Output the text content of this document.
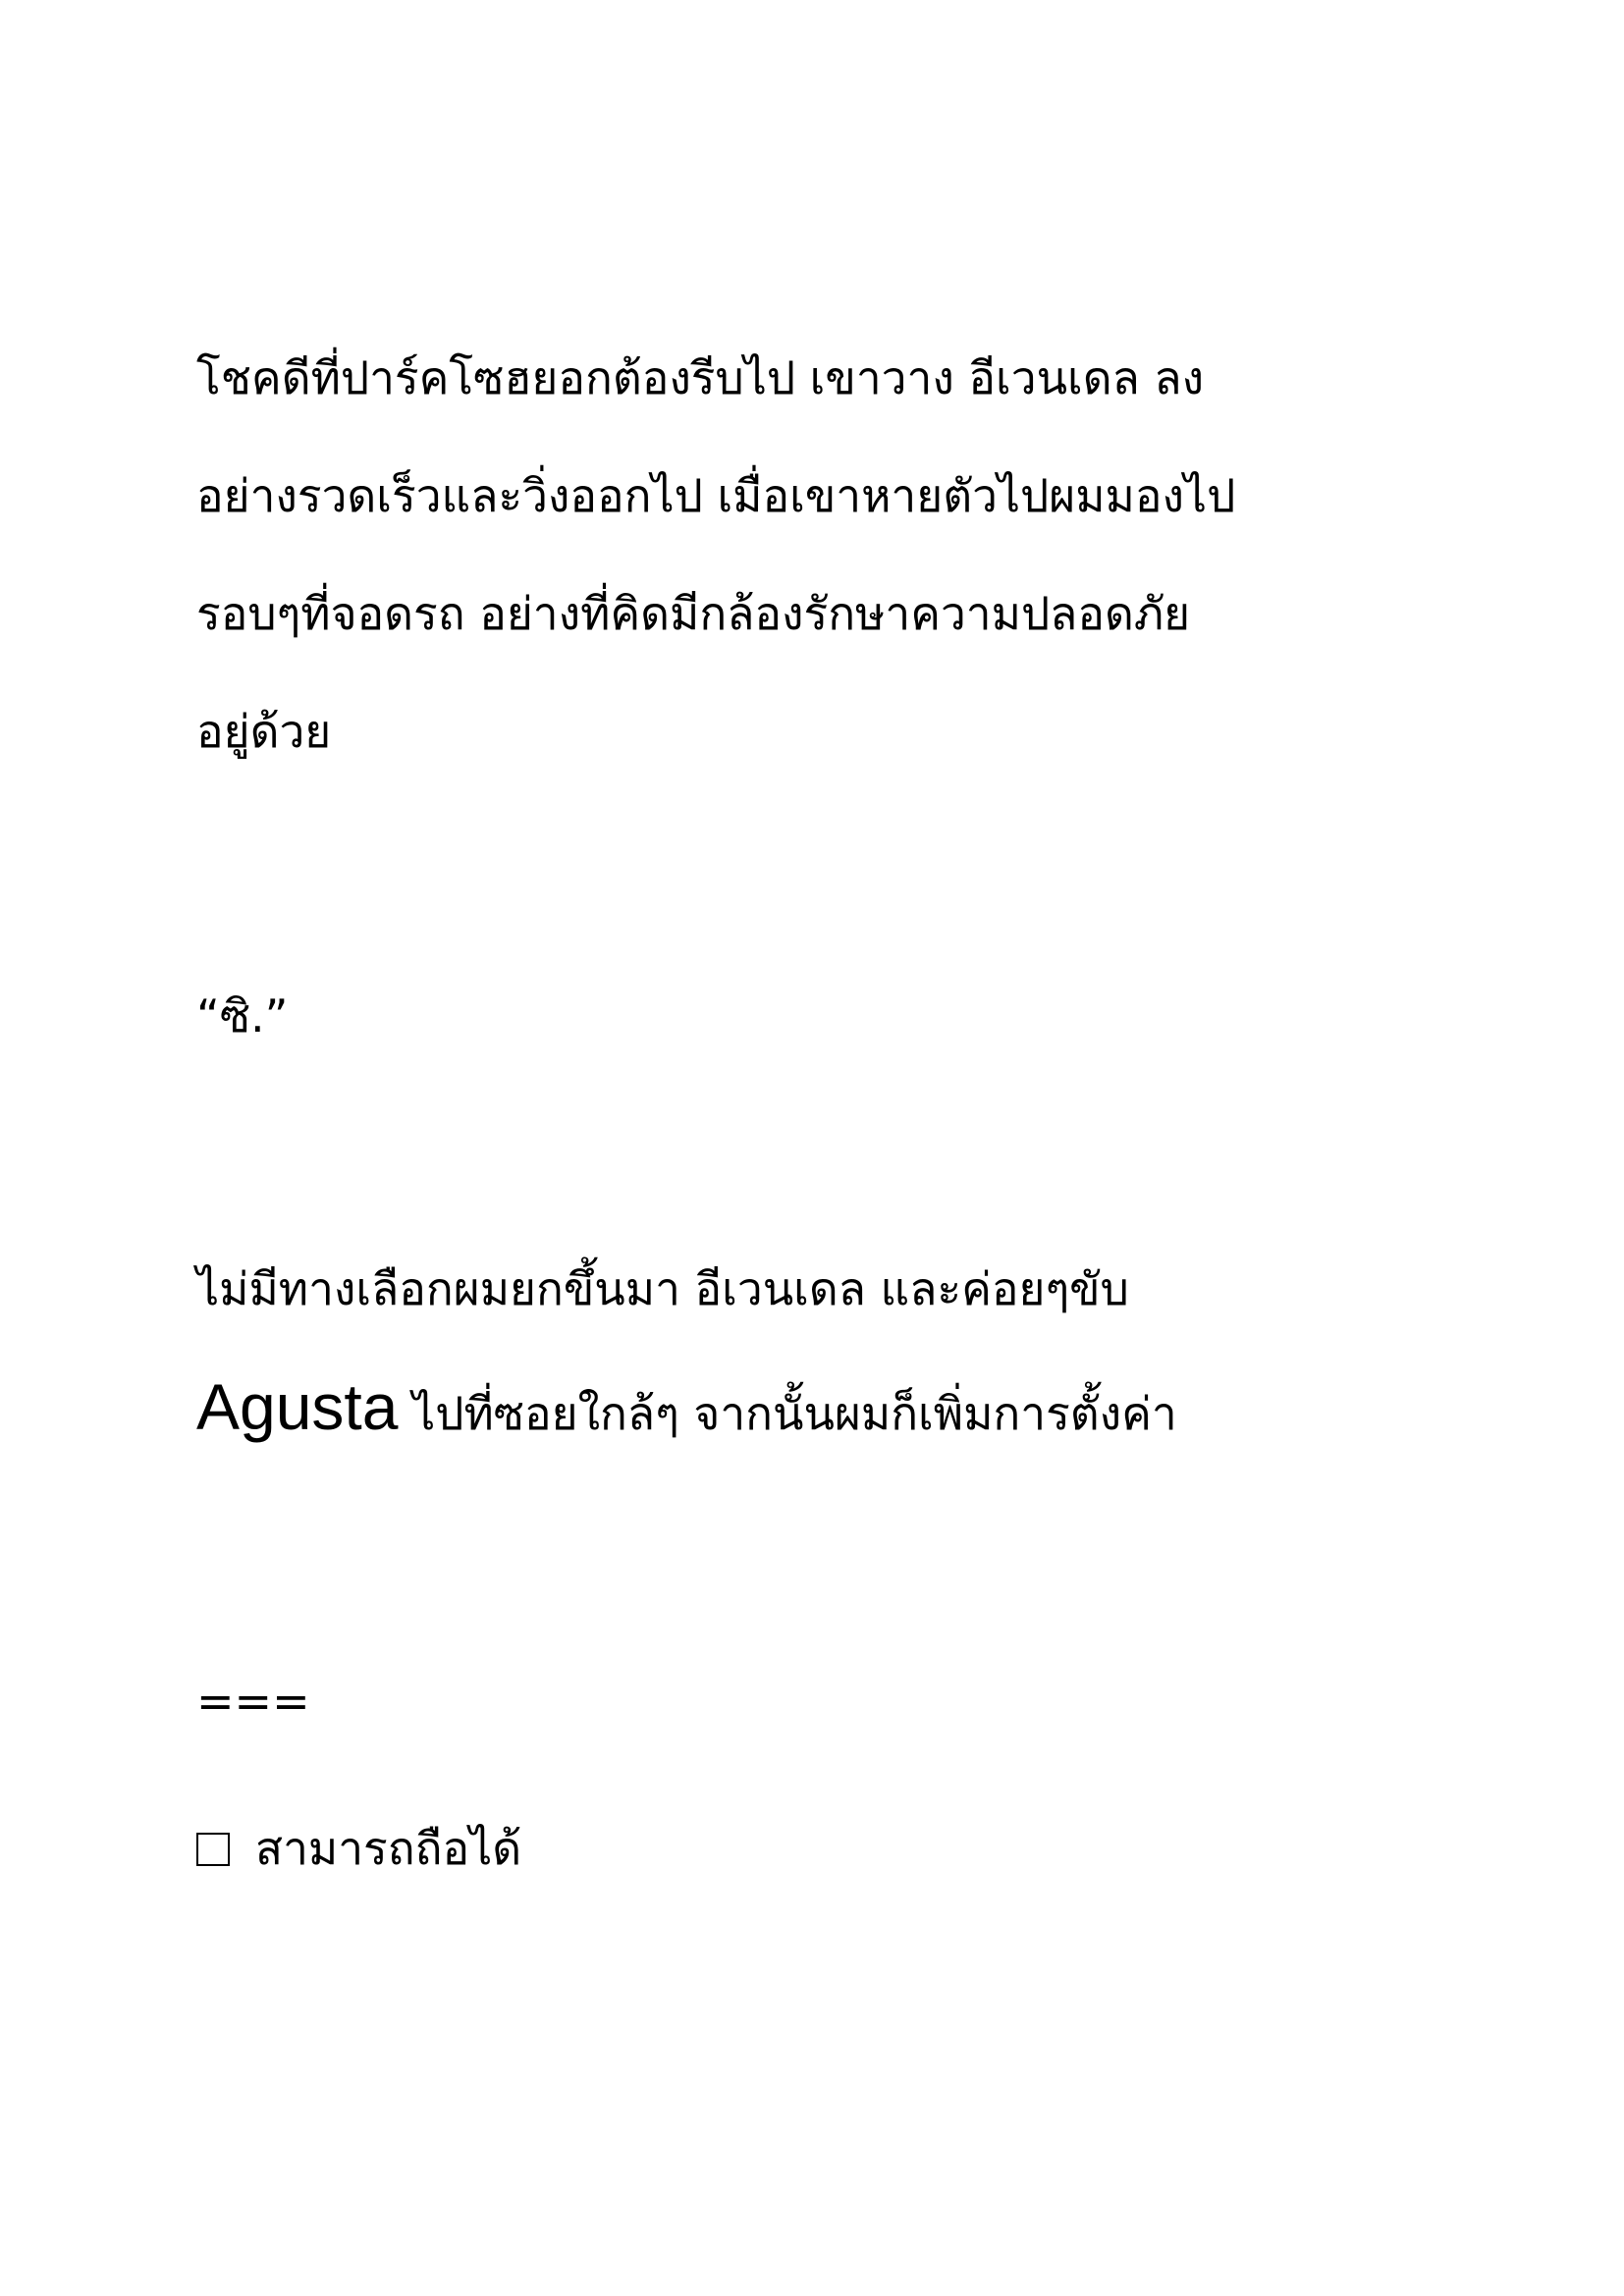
โชคดีที่ปาร์คโซฮยอกต้องรีบไป เขาวาง อีเวนเดล ลง
อย่างรวดเร็วและวิ่งออกไป เมื่อเขาหายตัวไปผมมองไป
รอบๆที่จอดรถ อย่างที่คิดมีกล้องรักษาความปลอดภัย
อยู่ด้วย
“ซิ.”
ไม่มีทางเลือกผมยกขึ้นมา อีเวนเดล และค่อยๆขับ
Agusta ไปที่ซอยใกล้ๆ จากนั้นผมก็เพิ่มการตั้งค่า
===
สามารถถือได้
